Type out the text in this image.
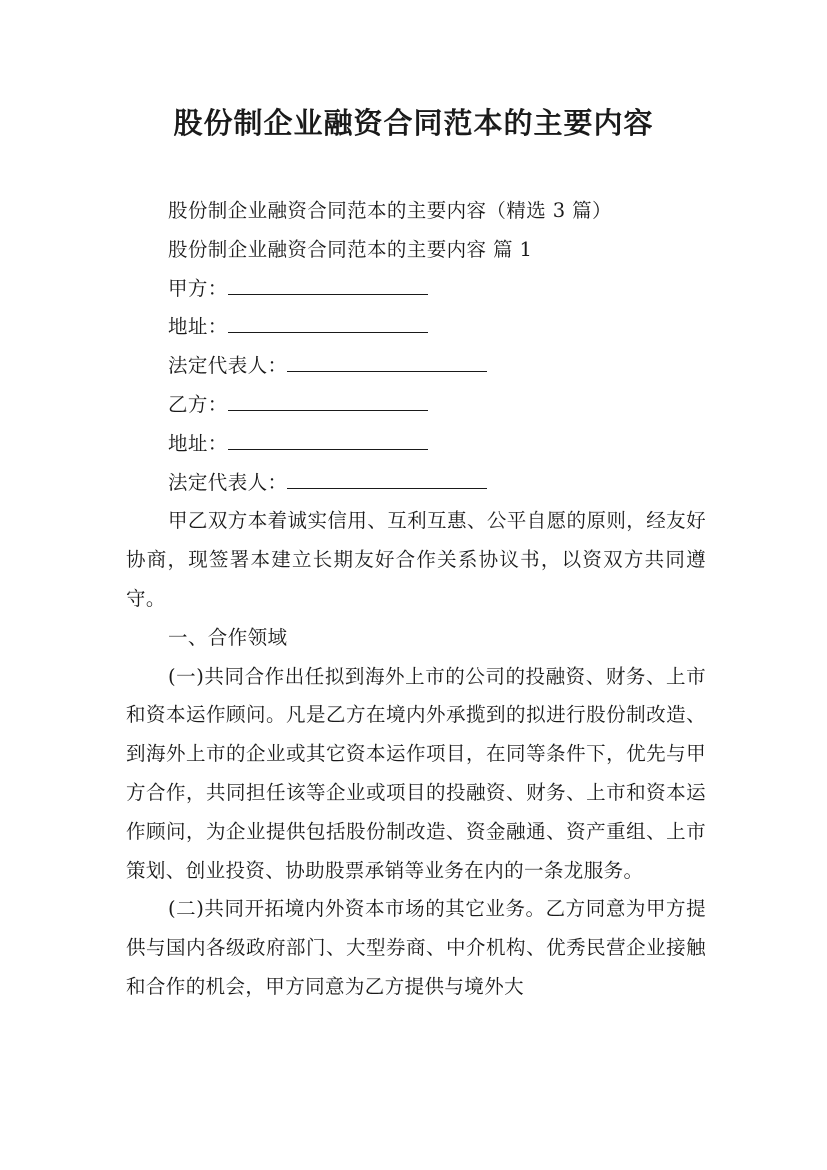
股份制企业融资合同范本的主要内容

股份制企业融资合同范本的主要内容（精选 3 篇）

股份制企业融资合同范本的主要内容 篇 1

甲方：

地址：

法定代表人：

乙方：

地址：

法定代表人：

甲乙双方本着诚实信用、互利互惠、公平自愿的原则，经友好协商，现签署本建立长期友好合作关系协议书，以资双方共同遵守。

一、合作领域

(一)共同合作出任拟到海外上市的公司的投融资、财务、上市和资本运作顾问。凡是乙方在境内外承揽到的拟进行股份制改造、到海外上市的企业或其它资本运作项目，在同等条件下，优先与甲方合作，共同担任该等企业或项目的投融资、财务、上市和资本运作顾问，为企业提供包括股份制改造、资金融通、资产重组、上市策划、创业投资、协助股票承销等业务在内的一条龙服务。

(二)共同开拓境内外资本市场的其它业务。乙方同意为甲方提供与国内各级政府部门、大型券商、中介机构、优秀民营企业接触和合作的机会，甲方同意为乙方提供与境外大
